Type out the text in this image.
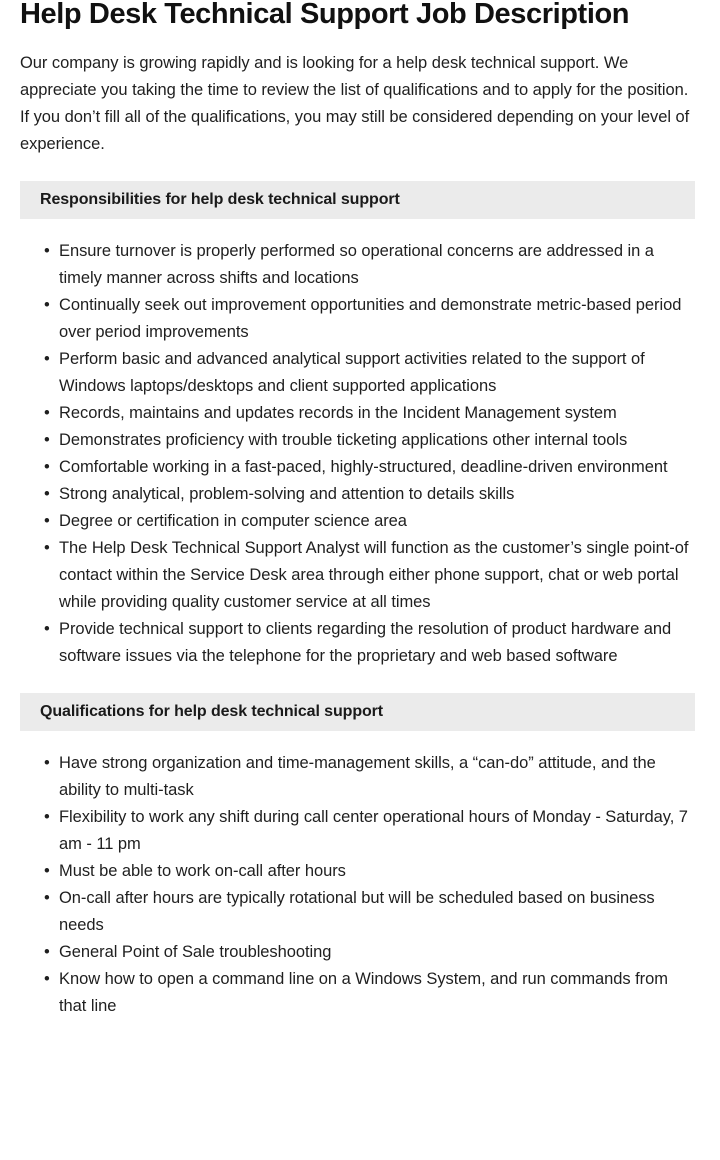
Help Desk Technical Support Job Description

Our company is growing rapidly and is looking for a help desk technical support. We appreciate you taking the time to review the list of qualifications and to apply for the position. If you don’t fill all of the qualifications, you may still be considered depending on your level of experience.

Responsibilities for help desk technical support
• Ensure turnover is properly performed so operational concerns are addressed in a timely manner across shifts and locations
• Continually seek out improvement opportunities and demonstrate metric-based period over period improvements
• Perform basic and advanced analytical support activities related to the support of Windows laptops/desktops and client supported applications
• Records, maintains and updates records in the Incident Management system
• Demonstrates proficiency with trouble ticketing applications other internal tools
• Comfortable working in a fast-paced, highly-structured, deadline-driven environment
• Strong analytical, problem-solving and attention to details skills
• Degree or certification in computer science area
• The Help Desk Technical Support Analyst will function as the customer’s single point-of contact within the Service Desk area through either phone support, chat or web portal while providing quality customer service at all times
• Provide technical support to clients regarding the resolution of product hardware and software issues via the telephone for the proprietary and web based software
Qualifications for help desk technical support
• Have strong organization and time-management skills, a “can-do” attitude, and the ability to multi-task
• Flexibility to work any shift during call center operational hours of Monday - Saturday, 7 am - 11 pm
• Must be able to work on-call after hours
• On-call after hours are typically rotational but will be scheduled based on business needs
• General Point of Sale troubleshooting
• Know how to open a command line on a Windows System, and run commands from that line
